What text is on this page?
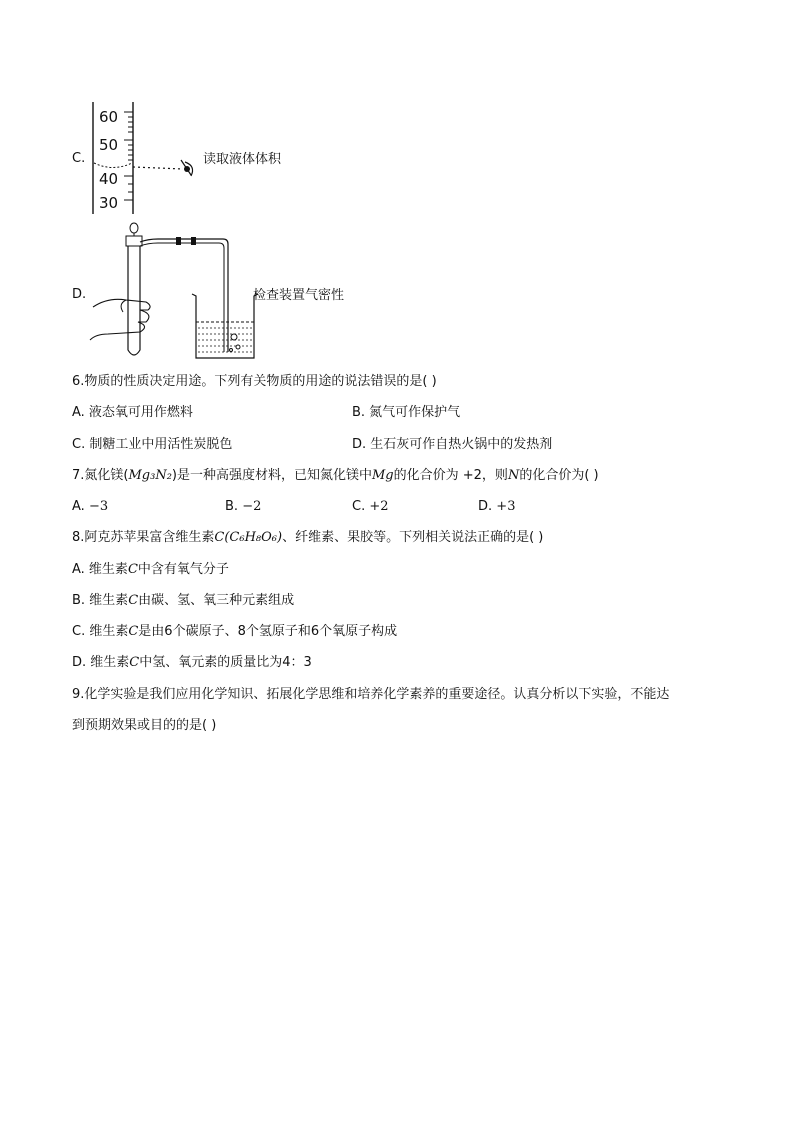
C.
60
50
40
30
读取液体体积
D.	检查装置气密性
6.物质的性质决定用途。下列有关物质的用途的说法错误的是( )
A. 液态氧可用作燃料	B. 氮气可作保护气
C. 制糖工业中用活性炭脱色	D. 生石灰可作自热火锅中的发热剂
7.氮化镁(Mg₃N₂)是一种高强度材料，已知氮化镁中Mg的化合价为 +2，则N的化合价为( )
A. −3	B. −2	C. +2	D. +3
8.阿克苏苹果富含维生素C(C₆H₈O₆)、纤维素、果胶等。下列相关说法正确的是( )
A. 维生素C中含有氧气分子
B. 维生素C由碳、氢、氧三种元素组成
C. 维生素C是由6个碳原子、8个氢原子和6个氧原子构成
D. 维生素C中氢、氧元素的质量比为4：3
9.化学实验是我们应用化学知识、拓展化学思维和培养化学素养的重要途径。认真分析以下实验，不能达
到预期效果或目的的是( )
